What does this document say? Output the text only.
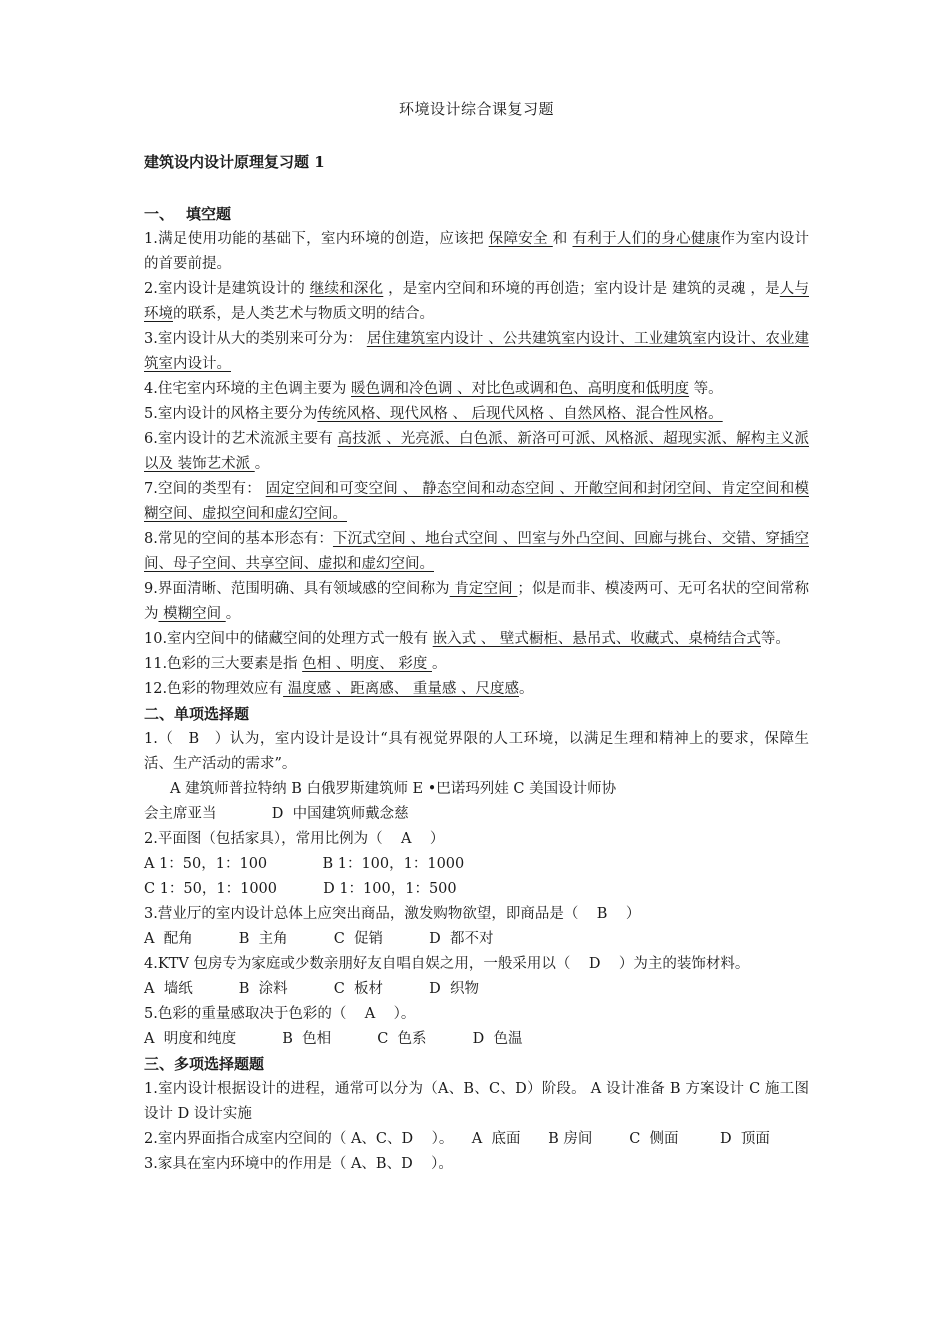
环境设计综合课复习题

建筑设内设计原理复习题 1

一、 填空题

1.满足使用功能的基础下，室内环境的创造，应该把 保障安全 和 有利于人们的身心健康作为室内设计的首要前提。

2.室内设计是建筑设计的 继续和深化 ，是室内空间和环境的再创造；室内设计是 建筑的灵魂 ，是人与环境的联系，是人类艺术与物质文明的结合。

3.室内设计从大的类别来可分为： 居住建筑室内设计 、公共建筑室内设计、工业建筑室内设计、农业建筑室内设计。

4.住宅室内环境的主色调主要为 暖色调和冷色调 、对比色或调和色、高明度和低明度 等。

5.室内设计的风格主要分为传统风格、现代风格 、 后现代风格 、自然风格、混合性风格。

6.室内设计的艺术流派主要有 高技派 、光亮派、白色派、新洛可可派、风格派、超现实派、解构主义派以及 装饰艺术派 。

7.空间的类型有： 固定空间和可变空间 、 静态空间和动态空间 、开敞空间和封闭空间、肯定空间和模糊空间、虚拟空间和虚幻空间。

8.常见的空间的基本形态有：下沉式空间 、地台式空间 、凹室与外凸空间、回廊与挑台、交错、穿插空间、母子空间、共享空间、虚拟和虚幻空间。

9.界面清晰、范围明确、具有领域感的空间称为 肯定空间 ；似是而非、模凌两可、无可名状的空间常称为 模糊空间 。

10.室内空间中的储藏空间的处理方式一般有 嵌入式 、 壁式橱柜、悬吊式、收藏式、桌椅结合式等。

11.色彩的三大要素是指 色相 、明度、 彩度 。

12.色彩的物理效应有 温度感 、距离感、 重量感 、尺度感。

二、单项选择题

1.（　B　）认为，室内设计是设计“具有视觉界限的人工环境，以满足生理和精神上的要求，保障生活、生产活动的需求”。

A 建筑师普拉特纳 B 白俄罗斯建筑师 E •巴诺玛列娃 C 美国设计师协

会主席亚当            D  中国建筑师戴念慈

2.平面图（包括家具），常用比例为（    A    ）

A 1：50，1：100            B 1：100，1：1000

C 1：50，1：1000          D 1：100，1：500

3.营业厅的室内设计总体上应突出商品，激发购物欲望，即商品是（    B    ）

A  配角          B  主角          C  促销          D  都不对

4.KTV 包房专为家庭或少数亲朋好友自唱自娱之用，一般采用以（    D    ）为主的装饰材料。

A  墙纸          B  涂料          C  板材          D  织物

5.色彩的重量感取决于色彩的（    A    ）。

A  明度和纯度          B  色相          C  色系          D  色温

三、多项选择题题

1.室内设计根据设计的进程，通常可以分为（A、B、C、D）阶段。 A 设计准备 B 方案设计 C 施工图设计 D 设计实施

2.室内界面指合成室内空间的（ A、C、D    ）。    A  底面      B 房间        C  侧面         D  顶面

3.家具在室内环境中的作用是（ A、B、D    ）。
